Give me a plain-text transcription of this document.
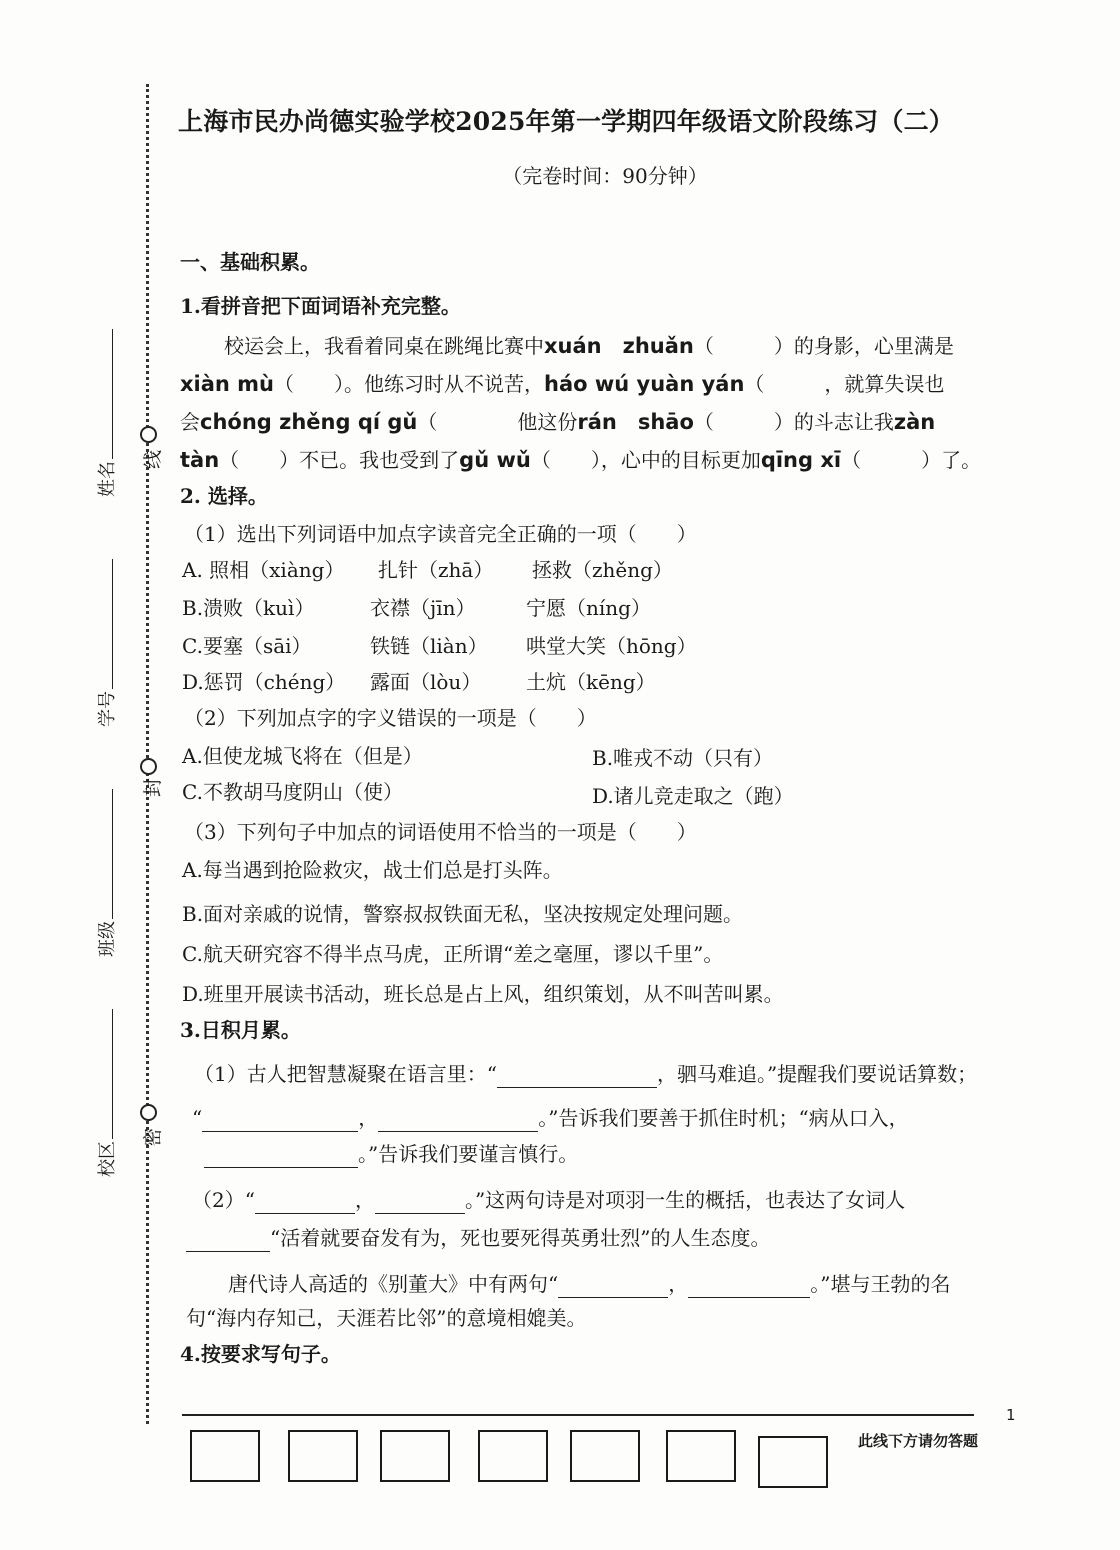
线
封
密
姓名
学号
班级
校区
上海市民办尚德实验学校2025年第一学期四年级语文阶段练习（二）
（完卷时间：90分钟）
一、基础积累。
1.看拼音把下面词语补充完整。
校运会上，我看着同桌在跳绳比赛中xuán　zhuǎn（　　　）的身影，心里满是
xiàn mù（　　）。他练习时从不说苦，háo wú yuàn yán（　　　，就算失误也
会chóng zhěng qí gǔ（　　　　他这份rán　shāo（　　　）的斗志让我zàn
tàn（　　）不已。我也受到了gǔ wǔ（　　），心中的目标更加qīng xī（　　　）了。
2. 选择。
（1）选出下列词语中加点字读音完全正确的一项（　　）
A. 照相（xiàng） 扎针（zhā） 拯救（zhěng）
B.溃败（kuì）	衣襟（jīn）	宁愿（níng）
C.要塞（sāi）	铁链（liàn） 哄堂大笑（hōng）
D.惩罚（chéng） 露面（lòu） 土炕（kēng）
（2）下列加点字的字义错误的一项是（　　）
A.但使龙城飞将在（但是）	B.唯戎不动（只有）
C.不教胡马度阴山（使）	D.诸儿竞走取之（跑）
（3）下列句子中加点的词语使用不恰当的一项是（　　）
A.每当遇到抢险救灾，战士们总是打头阵。
B.面对亲戚的说情，警察叔叔铁面无私，坚决按规定处理问题。
C.航天研究容不得半点马虎，正所谓“差之毫厘，谬以千里”。
D.班里开展读书活动，班长总是占上风，组织策划，从不叫苦叫累。
3.日积月累。
（1）古人把智慧凝聚在语言里：“	，驷马难追。”提醒我们要说话算数；
“	，	。”告诉我们要善于抓住时机；“病从口入，
。”告诉我们要谨言慎行。
（2）“	，	。”这两句诗是对项羽一生的概括，也表达了女词人
“活着就要奋发有为，死也要死得英勇壮烈”的人生态度。
唐代诗人高适的《别董大》中有两句“	，	。”堪与王勃的名
句“海内存知己，天涯若比邻”的意境相媲美。
4.按要求写句子。
1
此线下方请勿答题
